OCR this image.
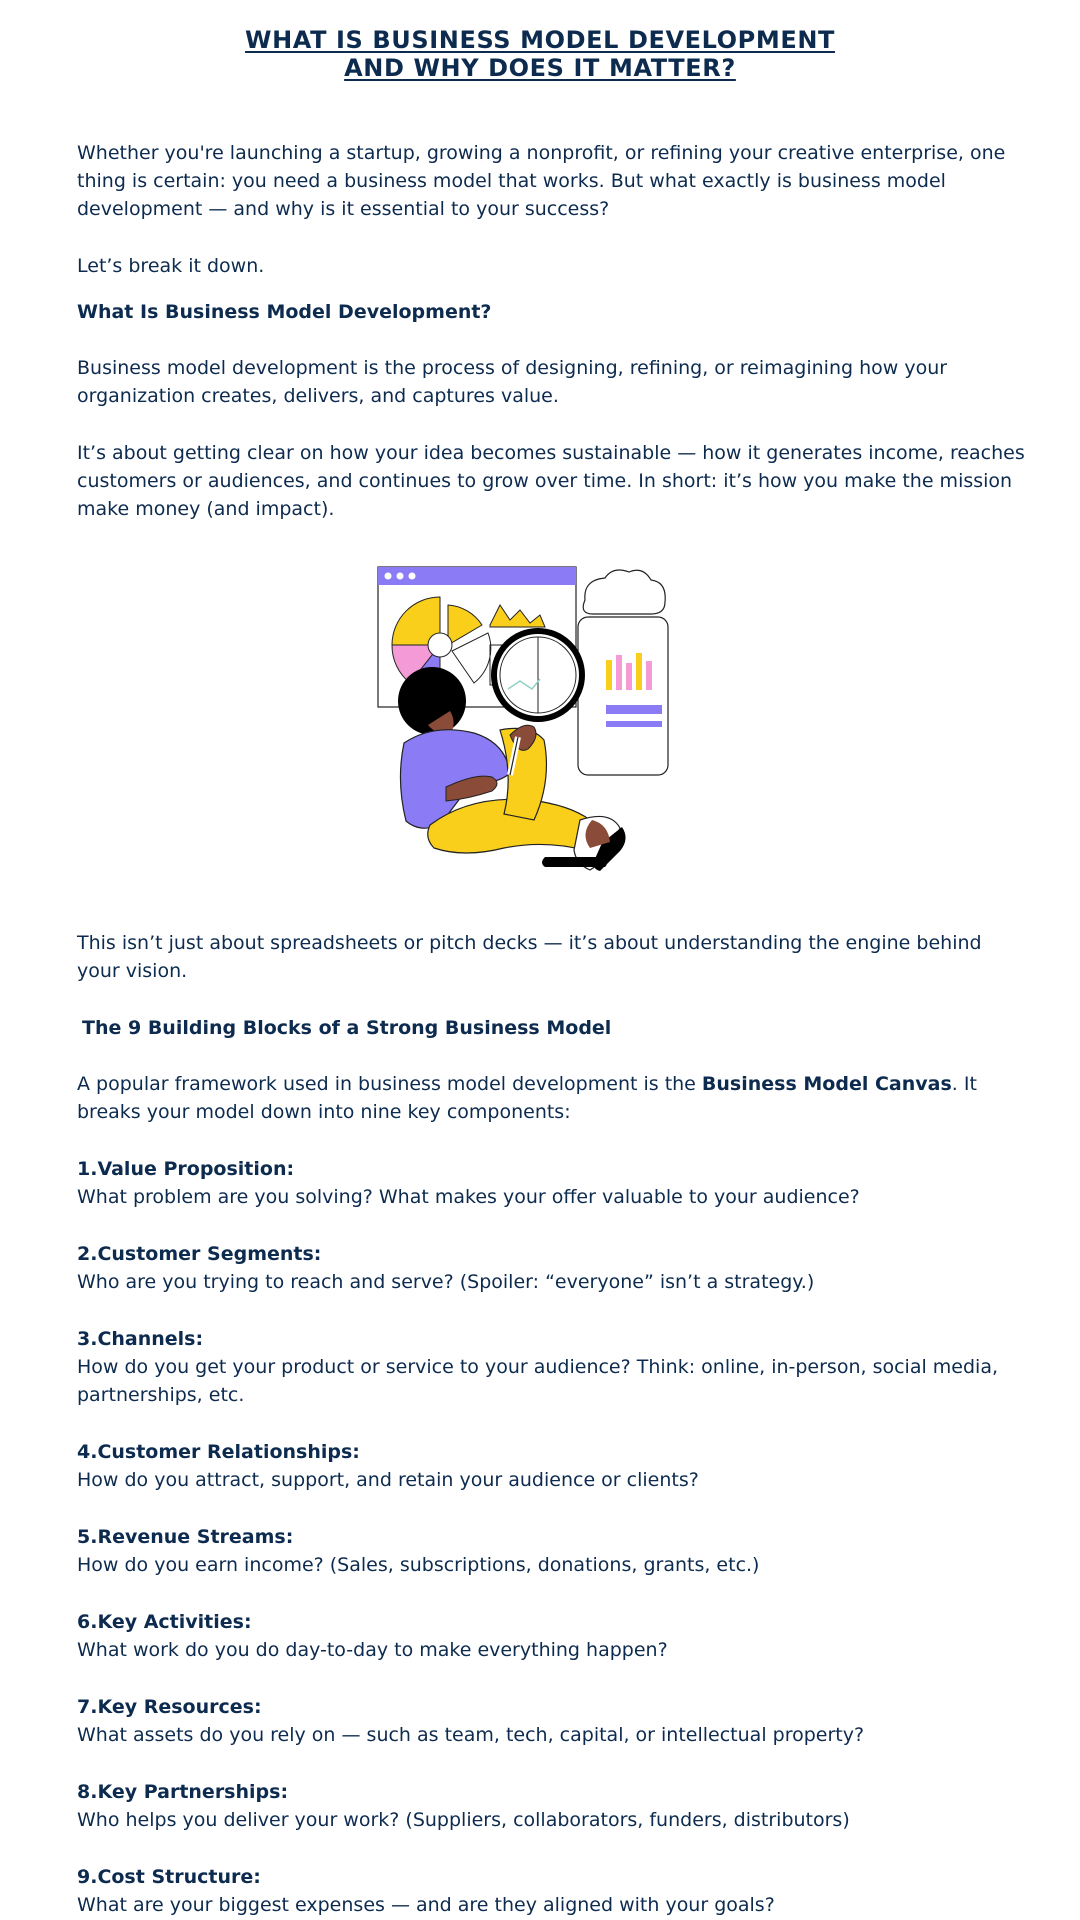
WHAT IS BUSINESS MODEL DEVELOPMENT
AND WHY DOES IT MATTER?

Whether you're launching a startup, growing a nonprofit, or refining your creative enterprise, one thing is certain: you need a business model that works. But what exactly is business model development — and why is it essential to your success?

Let’s break it down.

What Is Business Model Development?

Business model development is the process of designing, refining, or reimagining how your organization creates, delivers, and captures value.

It’s about getting clear on how your idea becomes sustainable — how it generates income, reaches customers or audiences, and continues to grow over time. In short: it’s how you make the mission make money (and impact).

This isn’t just about spreadsheets or pitch decks — it’s about understanding the engine behind your vision.

The 9 Building Blocks of a Strong Business Model

A popular framework used in business model development is the Business Model Canvas. It breaks your model down into nine key components:

1.Value Proposition:

What problem are you solving? What makes your offer valuable to your audience?

2.Customer Segments:

Who are you trying to reach and serve? (Spoiler: “everyone” isn’t a strategy.)

3.Channels:

How do you get your product or service to your audience? Think: online, in-person, social media, partnerships, etc.

4.Customer Relationships:

How do you attract, support, and retain your audience or clients?

5.Revenue Streams:

How do you earn income? (Sales, subscriptions, donations, grants, etc.)

6.Key Activities:

What work do you do day-to-day to make everything happen?

7.Key Resources:

What assets do you rely on — such as team, tech, capital, or intellectual property?

8.Key Partnerships:

Who helps you deliver your work? (Suppliers, collaborators, funders, distributors)

9.Cost Structure:

What are your biggest expenses — and are they aligned with your goals?
